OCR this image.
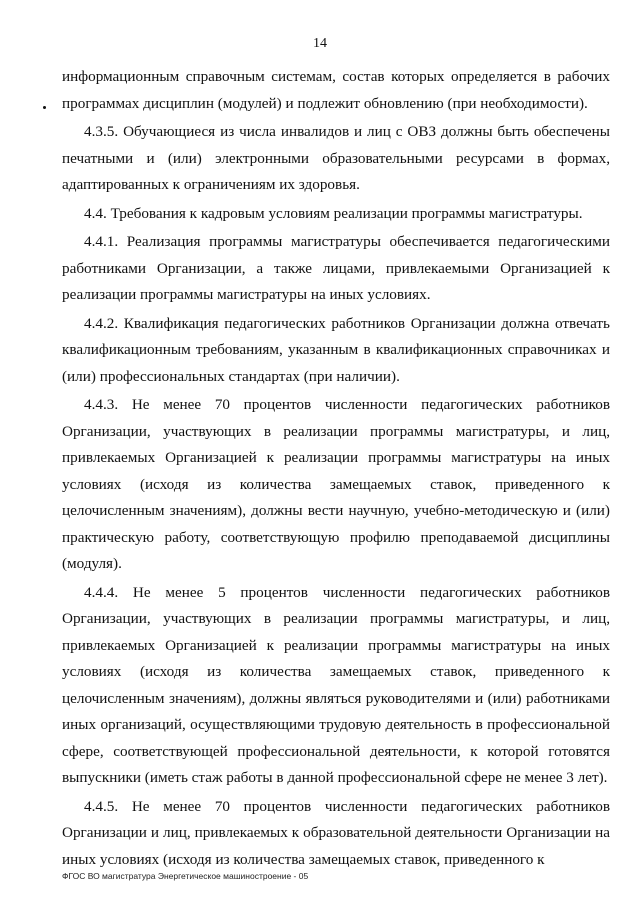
14

информационным справочным системам, состав которых определяется в рабочих программах дисциплин (модулей) и подлежит обновлению (при необходимости).

4.3.5. Обучающиеся из числа инвалидов и лиц с ОВЗ должны быть обеспечены печатными и (или) электронными образовательными ресурсами в формах, адаптированных к ограничениям их здоровья.

4.4. Требования к кадровым условиям реализации программы магистратуры.

4.4.1. Реализация программы магистратуры обеспечивается педагогическими работниками Организации, а также лицами, привлекаемыми Организацией к реализации программы магистратуры на иных условиях.

4.4.2. Квалификация педагогических работников Организации должна отвечать квалификационным требованиям, указанным в квалификационных справочниках и (или) профессиональных стандартах (при наличии).

4.4.3. Не менее 70 процентов численности педагогических работников Организации, участвующих в реализации программы магистратуры, и лиц, привлекаемых Организацией к реализации программы магистратуры на иных условиях (исходя из количества замещаемых ставок, приведенного к целочисленным значениям), должны вести научную, учебно-методическую и (или) практическую работу, соответствующую профилю преподаваемой дисциплины (модуля).

4.4.4. Не менее 5 процентов численности педагогических работников Организации, участвующих в реализации программы магистратуры, и лиц, привлекаемых Организацией к реализации программы магистратуры на иных условиях (исходя из количества замещаемых ставок, приведенного к целочисленным значениям), должны являться руководителями и (или) работниками иных организаций, осуществляющими трудовую деятельность в профессиональной сфере, соответствующей профессиональной деятельности, к которой готовятся выпускники (иметь стаж работы в данной профессиональной сфере не менее 3 лет).

4.4.5. Не менее 70 процентов численности педагогических работников Организации и лиц, привлекаемых к образовательной деятельности Организации на иных условиях (исходя из количества замещаемых ставок, приведенного к

ФГОС ВО магистратура Энергетическое машиностроение - 05
